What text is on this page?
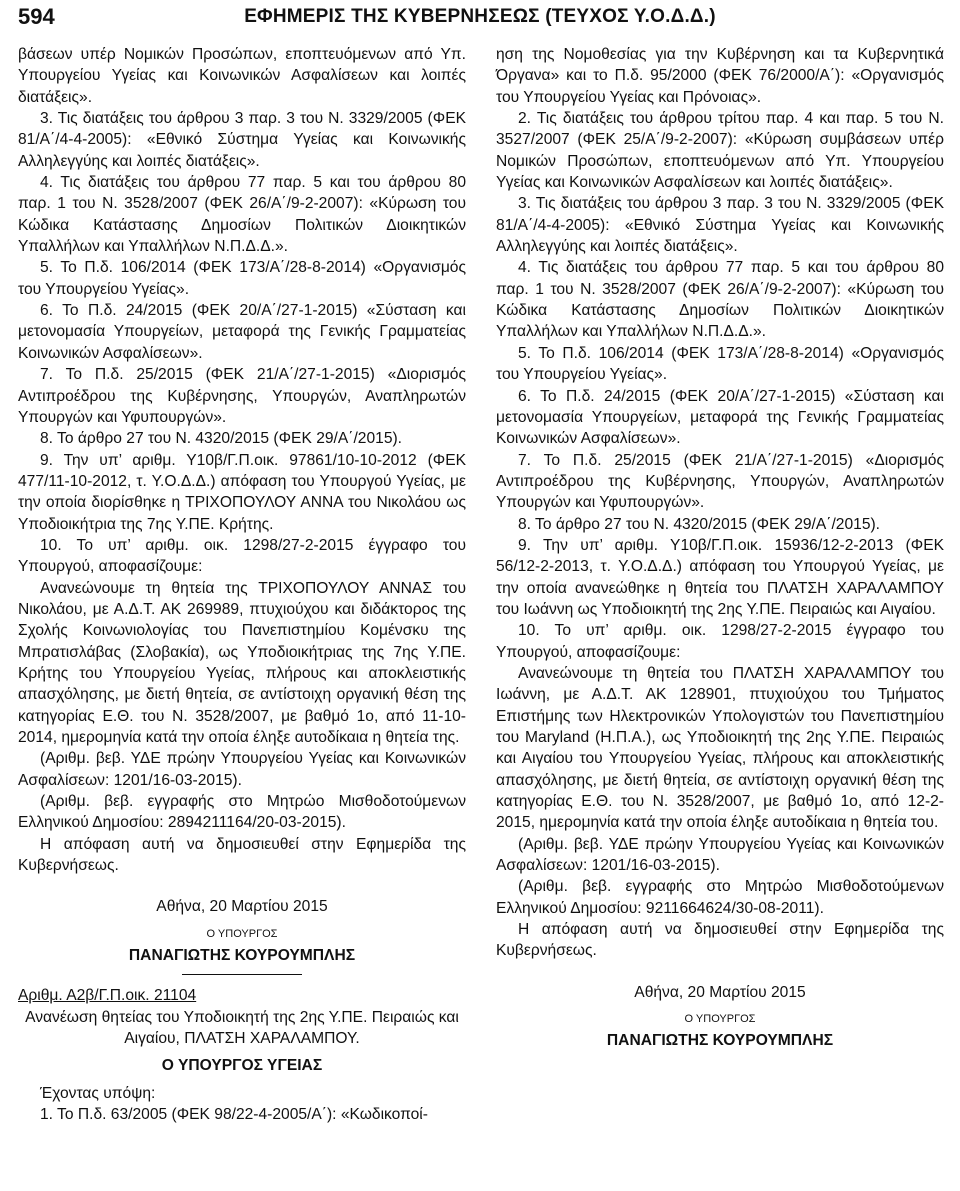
594	ΕΦΗΜΕΡΙΣ ΤΗΣ ΚΥΒΕΡΝΗΣΕΩΣ (ΤΕΥΧΟΣ Υ.Ο.Δ.Δ.)

βάσεων υπέρ Νομικών Προσώπων, εποπτευόμενων από Υπ. Υπουργείου Υγείας και Κοινωνικών Ασφαλίσεων και λοιπές διατάξεις».

3. Τις διατάξεις του άρθρου 3 παρ. 3 του Ν. 3329/2005 (ΦΕΚ 81/Α΄/4-4-2005): «Εθνικό Σύστημα Υγείας και Κοινωνικής Αλληλεγγύης και λοιπές διατάξεις».

4. Τις διατάξεις του άρθρου 77 παρ. 5 και του άρθρου 80 παρ. 1 του Ν. 3528/2007 (ΦΕΚ 26/Α΄/9-2-2007): «Κύρωση του Κώδικα Κατάστασης Δημοσίων Πολιτικών Διοικητικών Υπαλλήλων και Υπαλλήλων Ν.Π.Δ.Δ.».

5. Το Π.δ. 106/2014 (ΦΕΚ 173/Α΄/28-8-2014) «Οργανισμός του Υπουργείου Υγείας».

6. Το Π.δ. 24/2015 (ΦΕΚ 20/Α΄/27-1-2015) «Σύσταση και μετονομασία Υπουργείων, μεταφορά της Γενικής Γραμματείας Κοινωνικών Ασφαλίσεων».

7. Το Π.δ. 25/2015 (ΦΕΚ 21/Α΄/27-1-2015) «Διορισμός Αντιπροέδρου της Κυβέρνησης, Υπουργών, Αναπληρωτών Υπουργών και Υφυπουργών».

8. Το άρθρο 27 του Ν. 4320/2015 (ΦΕΚ 29/Α΄/2015).

9. Την υπ’ αριθμ. Υ10β/Γ.Π.οικ. 97861/10-10-2012 (ΦΕΚ 477/11-10-2012, τ. Υ.Ο.Δ.Δ.) απόφαση του Υπουργού Υγείας, με την οποία διορίσθηκε η ΤΡΙΧΟΠΟΥΛΟΥ ΑΝΝΑ του Νικολάου ως Υποδιοικήτρια της 7ης Υ.ΠΕ. Κρήτης.

10. Το υπ’ αριθμ. οικ. 1298/27-2-2015 έγγραφο του Υπουργού, αποφασίζουμε:

Ανανεώνουμε τη θητεία της ΤΡΙΧΟΠΟΥΛΟΥ ΑΝΝΑΣ του Νικολάου, με Α.Δ.Τ. ΑΚ 269989, πτυχιούχου και διδάκτορος της Σχολής Κοινωνιολογίας του Πανεπιστημίου Κομένσκυ της Μπρατισλάβας (Σλοβακία), ως Υποδιοικήτριας της 7ης Υ.ΠΕ. Κρήτης του Υπουργείου Υγείας, πλήρους και αποκλειστικής απασχόλησης, με διετή θητεία, σε αντίστοιχη οργανική θέση της κατηγορίας Ε.Θ. του Ν. 3528/2007, με βαθμό 1ο, από 11-10-2014, ημερομηνία κατά την οποία έληξε αυτοδίκαια η θητεία της.

(Αριθμ. βεβ. ΥΔΕ πρώην Υπουργείου Υγείας και Κοινωνικών Ασφαλίσεων: 1201/16-03-2015).

(Αριθμ. βεβ. εγγραφής στο Μητρώο Μισθοδοτούμενων Ελληνικού Δημοσίου: 2894211164/20-03-2015).

Η απόφαση αυτή να δημοσιευθεί στην Εφημερίδα της Κυβερνήσεως.

Αθήνα, 20 Μαρτίου 2015

Ο ΥΠΟΥΡΓΟΣ

ΠΑΝΑΓΙΩΤΗΣ ΚΟΥΡΟΥΜΠΛΗΣ

Αριθμ. Α2β/Γ.Π.οικ. 21104

Ανανέωση θητείας του Υποδιοικητή της 2ης Υ.ΠΕ. Πειραιώς και Αιγαίου, ΠΛΑΤΣΗ ΧΑΡΑΛΑΜΠΟΥ.

Ο ΥΠΟΥΡΓΟΣ ΥΓΕΙΑΣ

Έχοντας υπόψη:

1. Το Π.δ. 63/2005 (ΦΕΚ 98/22-4-2005/Α΄): «Κωδικοποί-

ηση της Νομοθεσίας για την Κυβέρνηση και τα Κυβερνητικά Όργανα» και το Π.δ. 95/2000 (ΦΕΚ 76/2000/Α΄): «Οργανισμός του Υπουργείου Υγείας και Πρόνοιας».

2. Τις διατάξεις του άρθρου τρίτου παρ. 4 και παρ. 5 του Ν. 3527/2007 (ΦΕΚ 25/Α΄/9-2-2007): «Κύρωση συμβάσεων υπέρ Νομικών Προσώπων, εποπτευόμενων από Υπ. Υπουργείου Υγείας και Κοινωνικών Ασφαλίσεων και λοιπές διατάξεις».

3. Τις διατάξεις του άρθρου 3 παρ. 3 του Ν. 3329/2005 (ΦΕΚ 81/Α΄/4-4-2005): «Εθνικό Σύστημα Υγείας και Κοινωνικής Αλληλεγγύης και λοιπές διατάξεις».

4. Τις διατάξεις του άρθρου 77 παρ. 5 και του άρθρου 80 παρ. 1 του Ν. 3528/2007 (ΦΕΚ 26/Α΄/9-2-2007): «Κύρωση του Κώδικα Κατάστασης Δημοσίων Πολιτικών Διοικητικών Υπαλλήλων και Υπαλλήλων Ν.Π.Δ.Δ.».

5. Το Π.δ. 106/2014 (ΦΕΚ 173/Α΄/28-8-2014) «Οργανισμός του Υπουργείου Υγείας».

6. Το Π.δ. 24/2015 (ΦΕΚ 20/Α΄/27-1-2015) «Σύσταση και μετονομασία Υπουργείων, μεταφορά της Γενικής Γραμματείας Κοινωνικών Ασφαλίσεων».

7. Το Π.δ. 25/2015 (ΦΕΚ 21/Α΄/27-1-2015) «Διορισμός Αντιπροέδρου της Κυβέρνησης, Υπουργών, Αναπληρωτών Υπουργών και Υφυπουργών».

8. Το άρθρο 27 του Ν. 4320/2015 (ΦΕΚ 29/Α΄/2015).

9. Την υπ’ αριθμ. Υ10β/Γ.Π.οικ. 15936/12-2-2013 (ΦΕΚ 56/12-2-2013, τ. Υ.Ο.Δ.Δ.) απόφαση του Υπουργού Υγείας, με την οποία ανανεώθηκε η θητεία του ΠΛΑΤΣΗ ΧΑΡΑΛΑΜΠΟΥ του Ιωάννη ως Υποδιοικητή της 2ης Υ.ΠΕ. Πειραιώς και Αιγαίου.

10. Το υπ’ αριθμ. οικ. 1298/27-2-2015 έγγραφο του Υπουργού, αποφασίζουμε:

Ανανεώνουμε τη θητεία του ΠΛΑΤΣΗ ΧΑΡΑΛΑΜΠΟΥ του Ιωάννη, με Α.Δ.Τ. ΑΚ 128901, πτυχιούχου του Τμήματος Επιστήμης των Ηλεκτρονικών Υπολογιστών του Πανεπιστημίου του Maryland (Η.Π.Α.), ως Υποδιοικητή της 2ης Υ.ΠΕ. Πειραιώς και Αιγαίου του Υπουργείου Υγείας, πλήρους και αποκλειστικής απασχόλησης, με διετή θητεία, σε αντίστοιχη οργανική θέση της κατηγορίας Ε.Θ. του Ν. 3528/2007, με βαθμό 1ο, από 12-2-2015, ημερομηνία κατά την οποία έληξε αυτοδίκαια η θητεία του.

(Αριθμ. βεβ. ΥΔΕ πρώην Υπουργείου Υγείας και Κοινωνικών Ασφαλίσεων: 1201/16-03-2015).

(Αριθμ. βεβ. εγγραφής στο Μητρώο Μισθοδοτούμενων Ελληνικού Δημοσίου: 9211664624/30-08-2011).

Η απόφαση αυτή να δημοσιευθεί στην Εφημερίδα της Κυβερνήσεως.

Αθήνα, 20 Μαρτίου 2015

Ο ΥΠΟΥΡΓΟΣ

ΠΑΝΑΓΙΩΤΗΣ ΚΟΥΡΟΥΜΠΛΗΣ
